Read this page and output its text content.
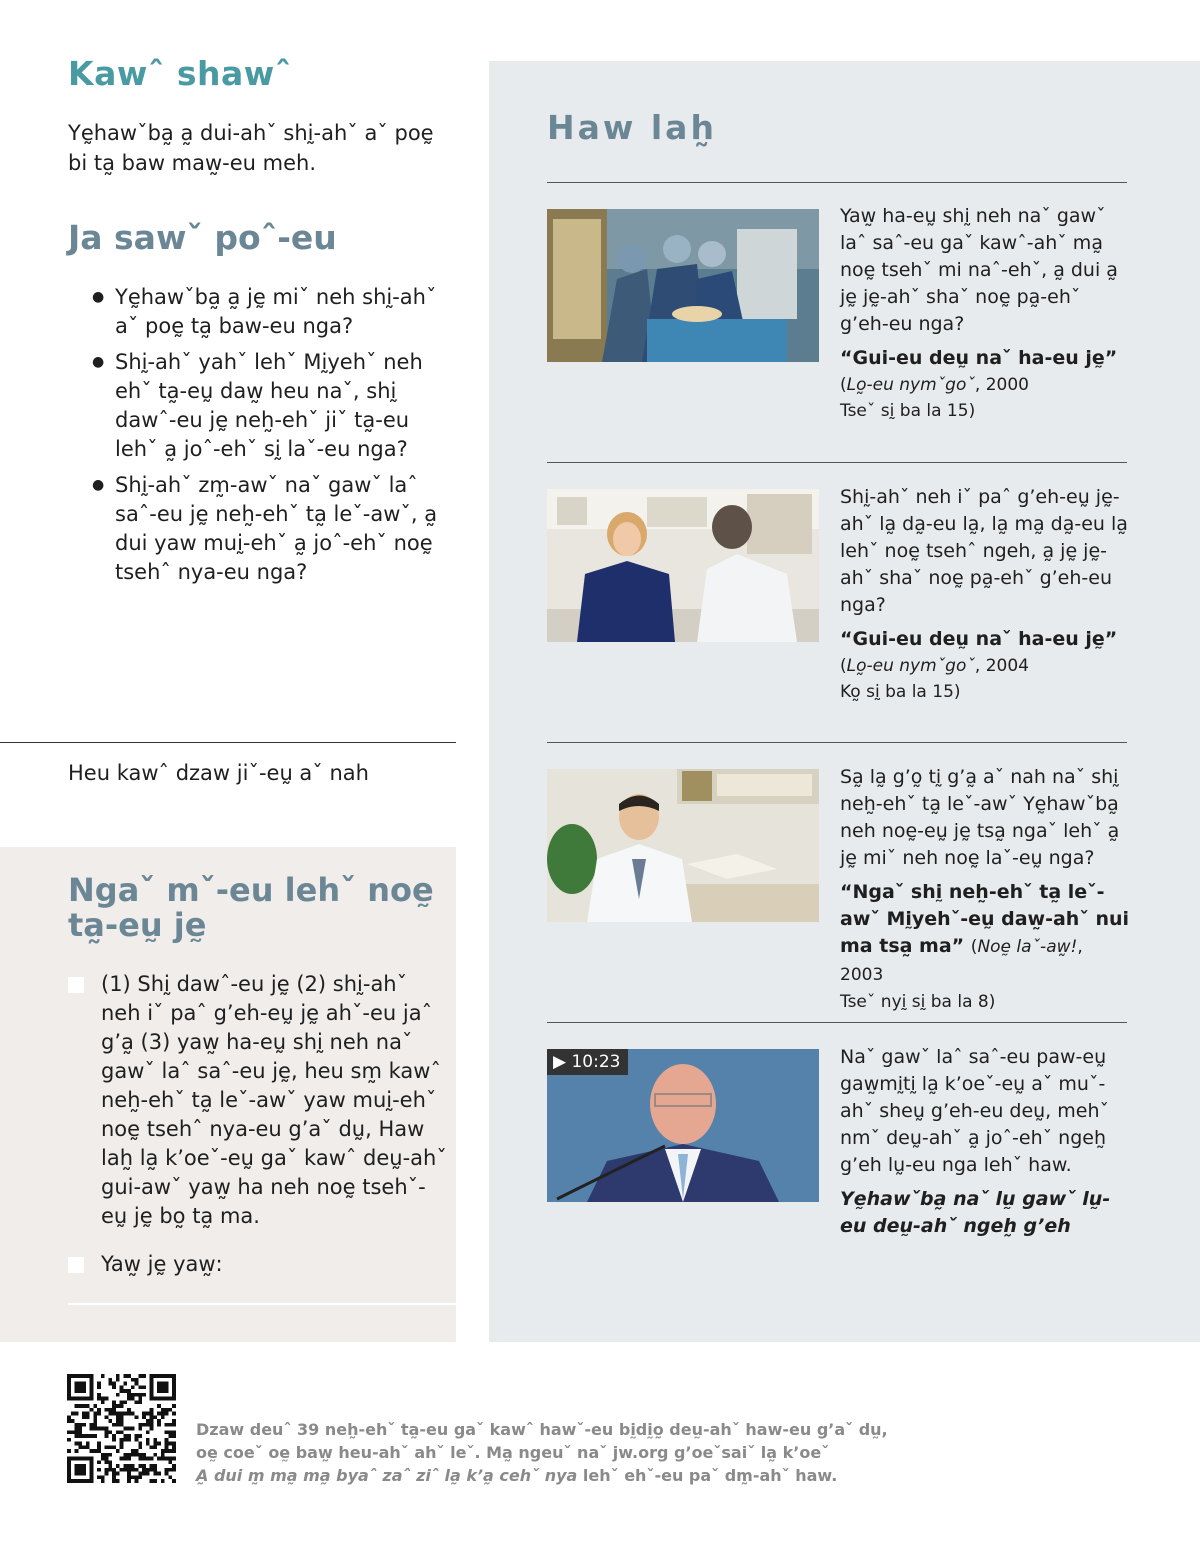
Kawˆ shawˆ

Yḛhawˇba̰ a̰ dui-ahˇ shḭ-ahˇ aˇ poḛ bi ta̰ baw maw̰-eu meh.

Ja sawˇ poˆ-eu
● Yḛhawˇba̰ a̰ jḛ miˇ neh shḭ-ahˇ aˇ poḛ ta̰ baw-eu nga?
● Shḭ-ahˇ yahˇ lehˇ Mḭyehˇ neh ehˇ ta̰-eṵ daw̰ heu naˇ, shḭ dawˆ-eu jḛ neh̰-ehˇ jiˇ ta̰-eu lehˇ a̰ joˆ-ehˇ sḭ laˇ-eu nga?
● Shḭ-ahˇ zm̰-awˇ naˇ gawˇ laˆ saˆ-eu jḛ neh̰-ehˇ ta̰ leˇ-awˇ, a̰ dui yaw muḭ-ehˇ a̰ joˆ-ehˇ noḛ tsehˆ nya-eu nga?

Heu kawˆ dzaw jiˇ-eṵ aˇ nah

Ngaˇ mˇ-eu lehˇ noḛ ta̰-eṵ jḛ
(1) Shḭ dawˆ-eu jḛ (2) shḭ-ahˇ neh iˇ paˆ g’eh-eṵ jḛ ahˇ-eu jaˆ g’a̰ (3) yaw̰ ha-eṵ shḭ neh naˇ gawˇ laˆ saˆ-eu jḛ, heu sm̰ kawˆ neh̰-ehˇ ta̰ leˇ-awˇ yaw muḭ-ehˇ noḛ tsehˆ nya-eu g’aˇ dṵ, Haw lah̰ la̰ k’oeˇ-eṵ gaˇ kawˆ deṵ-ahˇ gui-awˇ yaw̰ ha neh noḛ tsehˇ-eṵ jḛ bo̰ ta̰ ma.
Yaw̰ jḛ yaw̰:
Haw lah̰
Yaw̰ ha-eṵ shḭ neh naˇ gawˇ laˆ saˆ-eu gaˇ kawˆ-ahˇ ma̰ noḛ tsehˇ mi naˆ-ehˇ, a̰ dui a̰ jḛ jḛ-ahˇ shaˇ noḛ pa̰-ehˇ g’eh-eu nga?
“Gui-eu deṵ naˇ ha-eu jḛ”
(Lo̰-eu nymˇgoˇ, 2000
Tseˇ sḭ ba la 15)
Shḭ-ahˇ neh iˇ paˆ g’eh-eṵ jḛ-ahˇ la̰ da̰-eu la̰, la̰ ma̰ da̰-eu la̰ lehˇ noḛ tsehˆ ngeh, a̰ jḛ jḛ-ahˇ shaˇ noḛ pa̰-ehˇ g’eh-eu nga?
“Gui-eu deṵ naˇ ha-eu jḛ”
(Lo̰-eu nymˇgoˇ, 2004
Ko̰ sḭ ba la 15)
Sa̰ la̰ g’o̰ tḭ g’a̰ aˇ nah naˇ shḭ neh̰-ehˇ ta̰ leˇ-awˇ Yḛhawˇba̰ neh noḛ-eṵ jḛ tsa̰ ngaˇ lehˇ a̰ jḛ miˇ neh noḛ laˇ-eṵ nga?
“Ngaˇ shḭ neh̰-ehˇ ta̰ leˇ-awˇ Mḭyehˇ-eṵ daw̰-ahˇ nui ma tsa̰ ma” (Noḛ laˇ-aw̰!, 2003
Tseˇ nyḭ sḭ ba la 8)
▶ 10:23	Naˇ gawˇ laˆ saˆ-eu paw-eṵ gaw̰mḭtḭ la̰ k’oeˇ-eṵ aˇ muˇ-ahˇ sheṵ g’eh-eu deṵ, mehˇ nmˇ deṵ-ahˇ a̰ joˆ-ehˇ ngeh̰ g’eh lṵ-eu nga lehˇ haw.
Yḛhawˇba̰ naˇ lṵ gawˇ lṵ-eu deṵ-ahˇ ngeh̰ g’eh
Dzaw deuˆ 39 neh̰-ehˇ ta̰-eu gaˇ kawˆ hawˇ-eu bḭdḭo̰ deṵ-ahˇ haw-eu g’aˇ dṵ,
oḛ coeˇ oḛ baw̰ heu-ahˇ ahˇ leˇ. Ma̰ ngeuˇ naˇ jw.org g’oeˇsaiˇ la̰ k’oeˇ
A̰ dui m̰ ma̰ ma̰ byaˆ zaˆ ziˆ la̰ k’a̰ cehˇ nya lehˇ ehˇ-eu paˇ dm̰-ahˇ haw.
